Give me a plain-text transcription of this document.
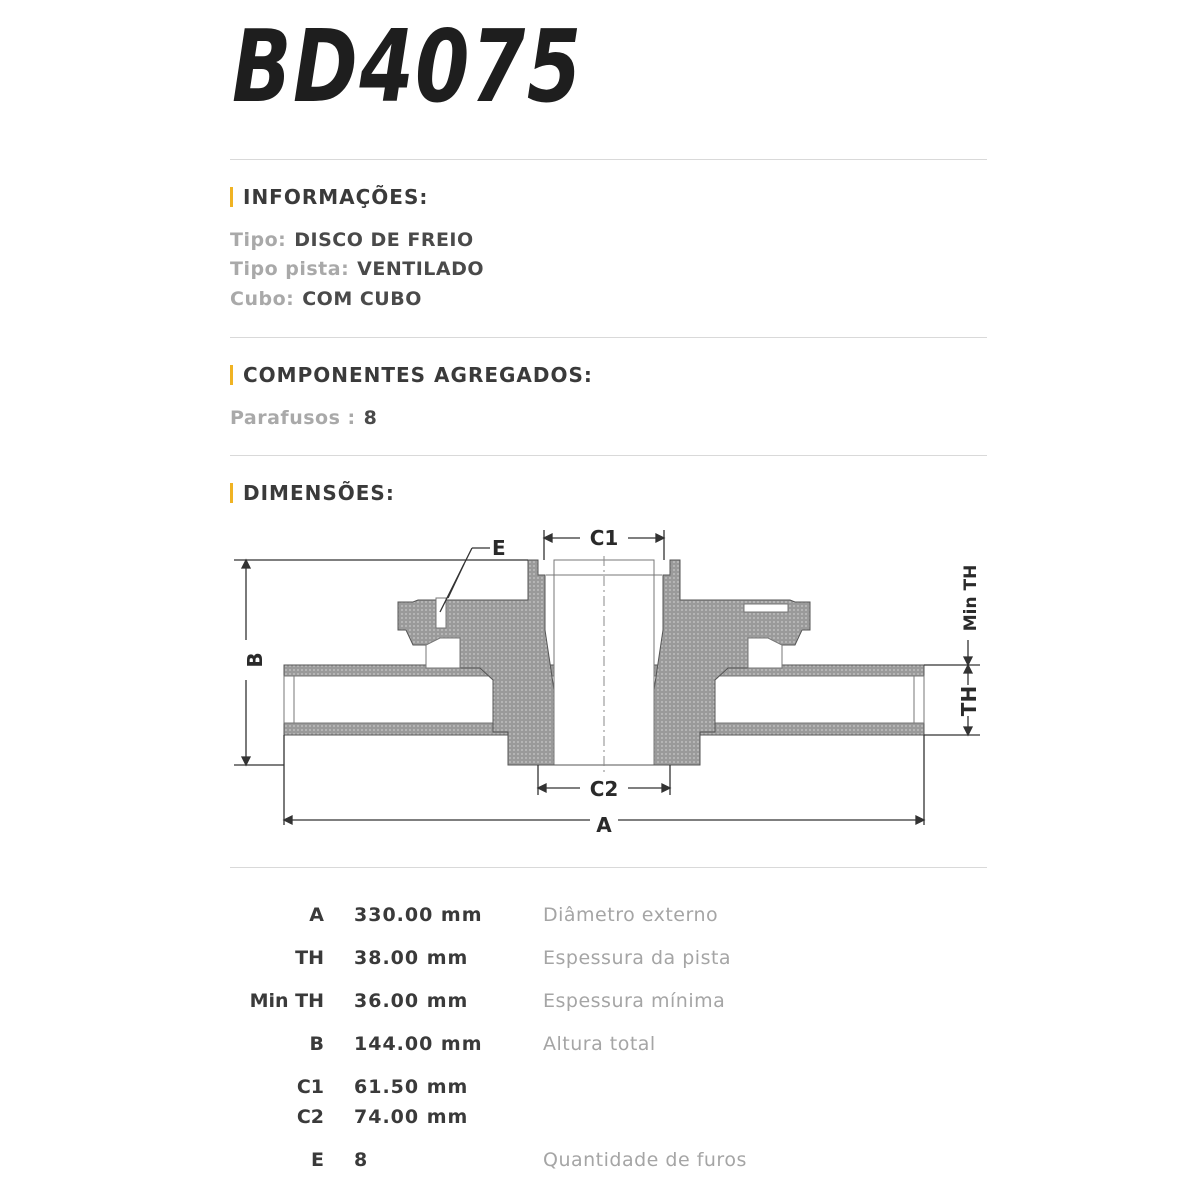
BD4075
INFORMAÇÕES:
Tipo: DISCO DE FREIO
Tipo pista: VENTILADO
Cubo: COM CUBO
COMPONENTES AGREGADOS:
Parafusos : 8
DIMENSÕES:
C1
C2
E
A
B
TH
Min TH
A 330.00 mm	Diâmetro externo
TH 38.00 mm	Espessura da pista
Min TH 36.00 mm	Espessura mínima
B 144.00 mm	Altura total
C1 61.50 mm
C2 74.00 mm
E 8	Quantidade de furos
